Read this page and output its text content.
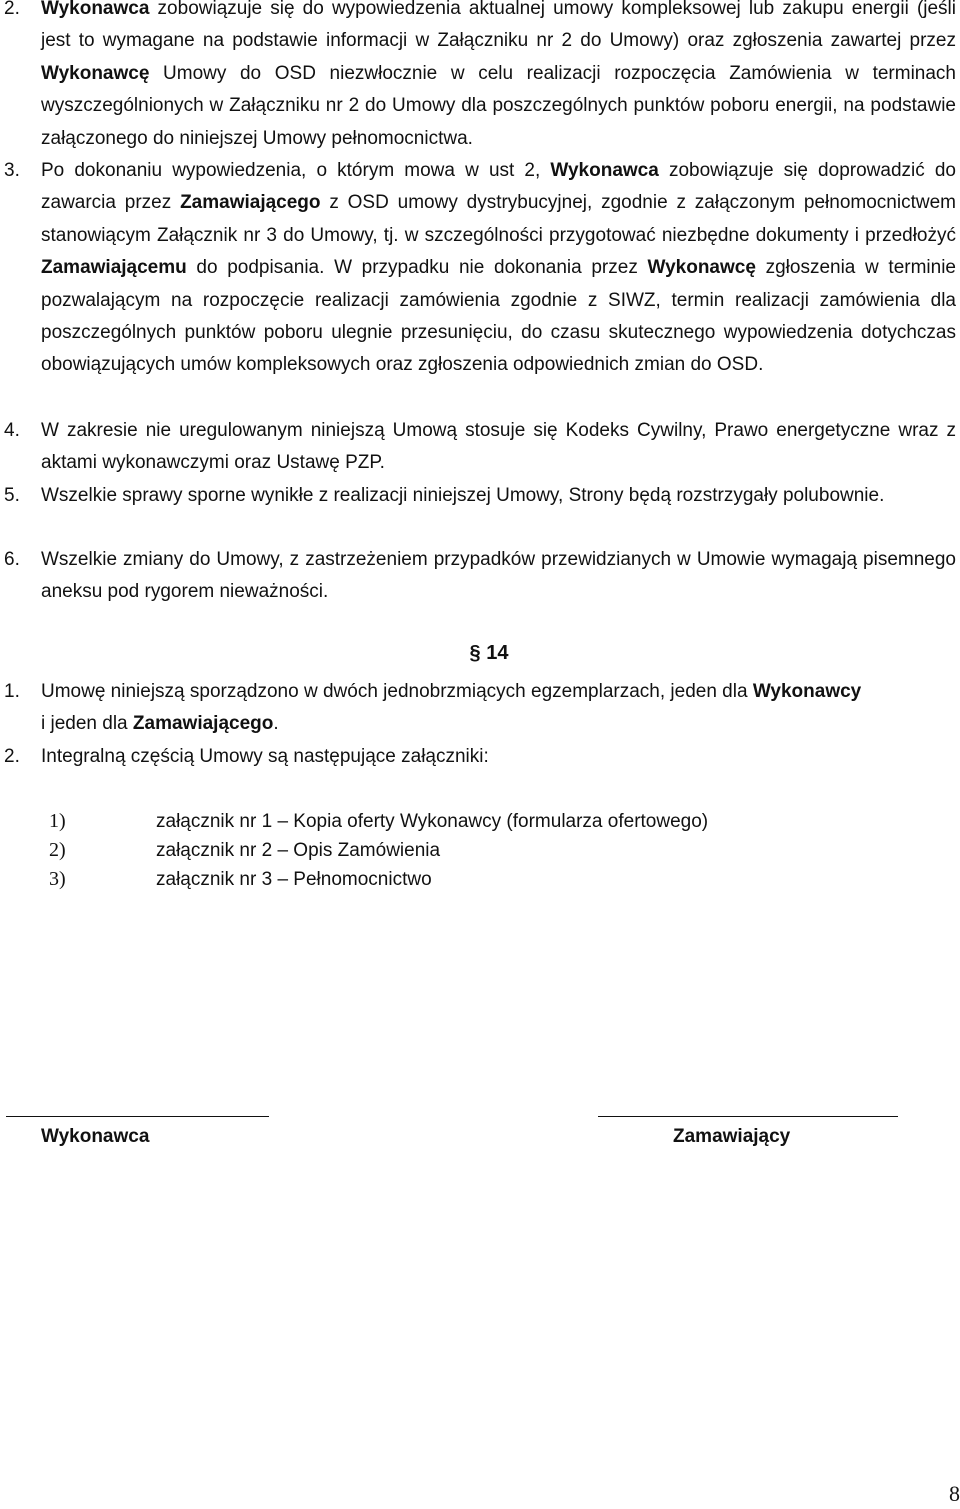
2. Wykonawca zobowiązuje się do wypowiedzenia aktualnej umowy kompleksowej lub zakupu energii (jeśli jest to wymagane na podstawie informacji w Załączniku nr 2 do Umowy) oraz zgłoszenia zawartej przez Wykonawcę Umowy do OSD niezwłocznie w celu realizacji rozpoczęcia Zamówienia w terminach wyszczególnionych w Załączniku nr 2 do Umowy dla poszczególnych punktów poboru energii, na podstawie załączonego do niniejszej Umowy pełnomocnictwa.
3. Po dokonaniu wypowiedzenia, o którym mowa w ust 2, Wykonawca zobowiązuje się doprowadzić do zawarcia przez Zamawiającego z OSD umowy dystrybucyjnej, zgodnie z załączonym pełnomocnictwem stanowiącym Załącznik nr 3 do Umowy, tj. w szczególności przygotować niezbędne dokumenty i przedłożyć Zamawiającemu do podpisania. W przypadku nie dokonania przez Wykonawcę zgłoszenia w terminie pozwalającym na rozpoczęcie realizacji zamówienia zgodnie z SIWZ, termin realizacji zamówienia dla poszczególnych punktów poboru ulegnie przesunięciu, do czasu skutecznego wypowiedzenia dotychczas obowiązujących umów kompleksowych oraz zgłoszenia odpowiednich zmian do OSD.
4. W zakresie nie uregulowanym niniejszą Umową stosuje się Kodeks Cywilny, Prawo energetyczne wraz z aktami wykonawczymi oraz Ustawę PZP.
5. Wszelkie sprawy sporne wynikłe z realizacji niniejszej Umowy, Strony będą rozstrzygały polubownie.
6. Wszelkie zmiany do Umowy, z zastrzeżeniem przypadków przewidzianych w Umowie wymagają pisemnego aneksu pod rygorem nieważności.
§ 14
1. Umowę niniejszą sporządzono w dwóch jednobrzmiących egzemplarzach, jeden dla Wykonawcy
i jeden dla Zamawiającego.
2. Integralną częścią Umowy są następujące załączniki:
1)	załącznik nr 1 – Kopia oferty Wykonawcy (formularza ofertowego)
2)	załącznik nr 2 – Opis Zamówienia
3)	załącznik nr 3 – Pełnomocnictwo
Wykonawca	Zamawiający
8
